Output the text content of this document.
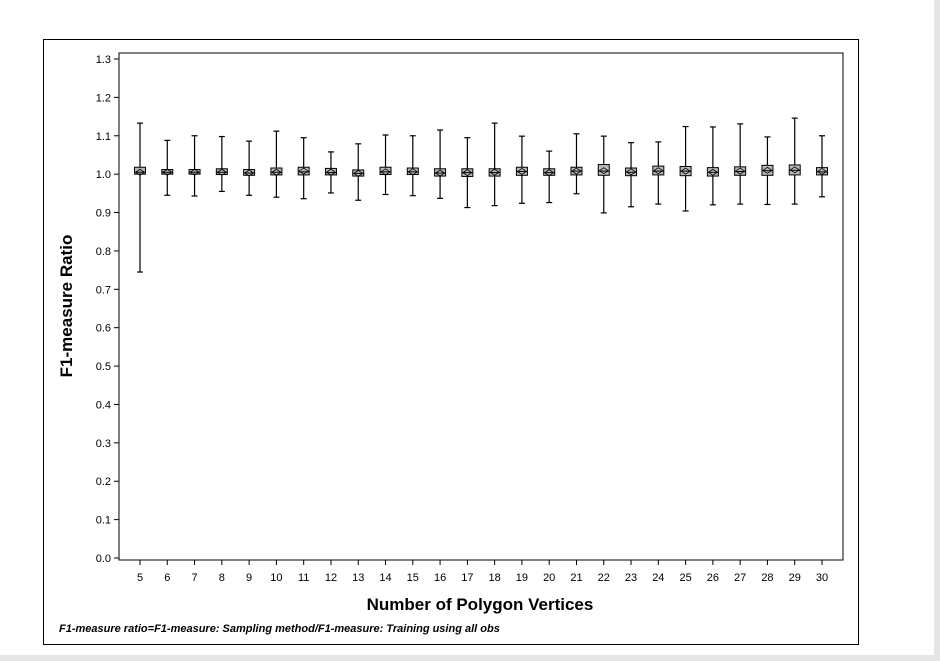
0.0
0.1
0.2
0.3
0.4
0.5
0.6
0.7
0.8
0.9
1.0
1.1
1.2
1.3
5 6 7 8 9 10 11 12 13 14 15 16 17 18 19 20 21 22 23 24 25 26 27 28 29 30
F1-measure Ratio
Number of Polygon Vertices
F1-measure ratio=F1-measure: Sampling method/F1-measure: Training using all obs
